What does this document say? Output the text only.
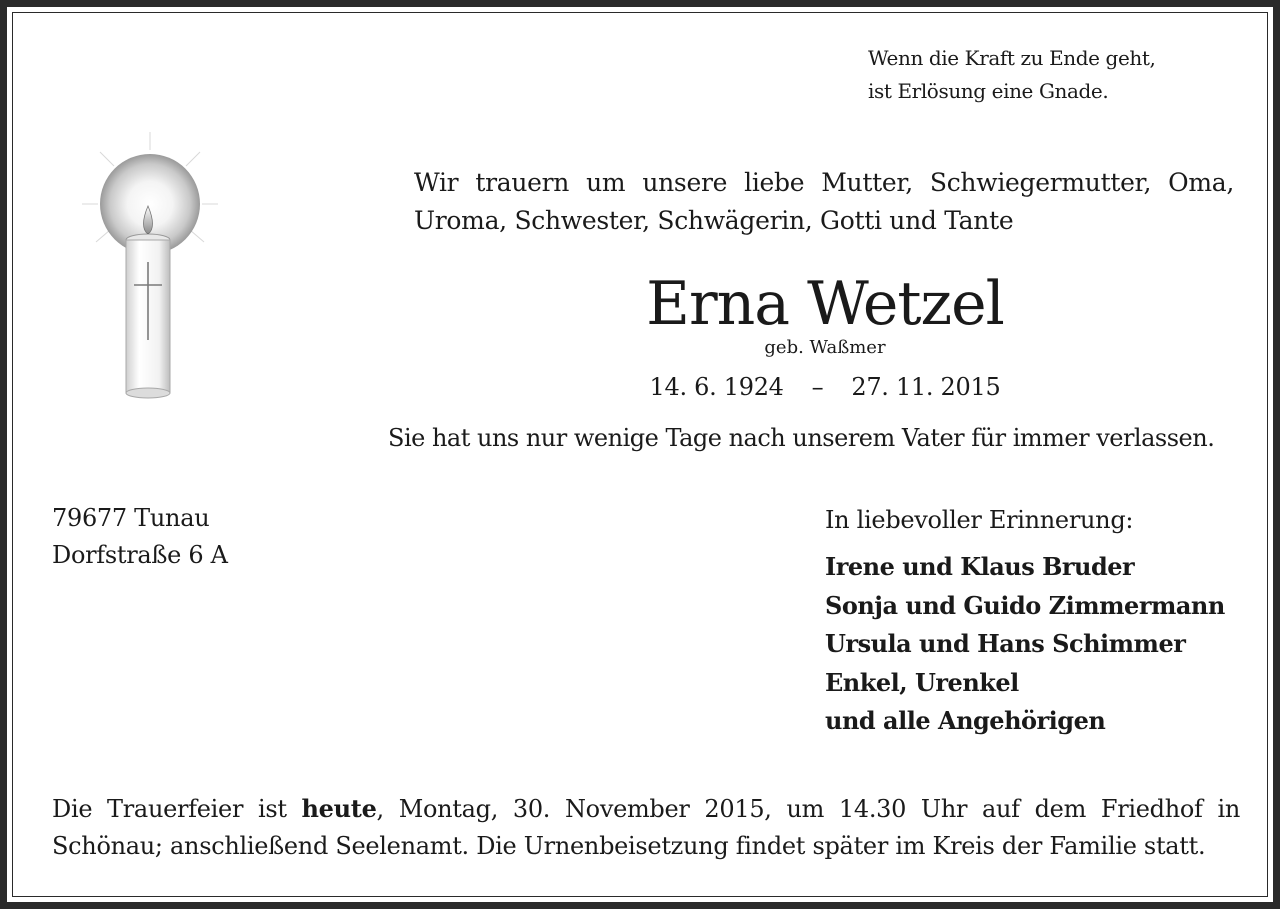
Wenn die Kraft zu Ende geht,
ist Erlösung eine Gnade.
Wir trauern um unsere liebe Mutter, Schwiegermutter, Oma,
Uroma, Schwester, Schwägerin, Gotti und Tante
Erna Wetzel
geb. Waßmer
14. 6. 1924 – 27. 11. 2015
Sie hat uns nur wenige Tage nach unserem Vater für immer verlassen.
79677 Tunau
Dorfstraße 6 A
In liebevoller Erinnerung:
Irene und Klaus Bruder
Sonja und Guido Zimmermann
Ursula und Hans Schimmer
Enkel, Urenkel
und alle Angehörigen
Die Trauerfeier ist heute, Montag, 30. November 2015, um 14.30 Uhr auf dem Friedhof in
Schönau; anschließend Seelenamt. Die Urnenbeisetzung findet später im Kreis der Familie statt.
